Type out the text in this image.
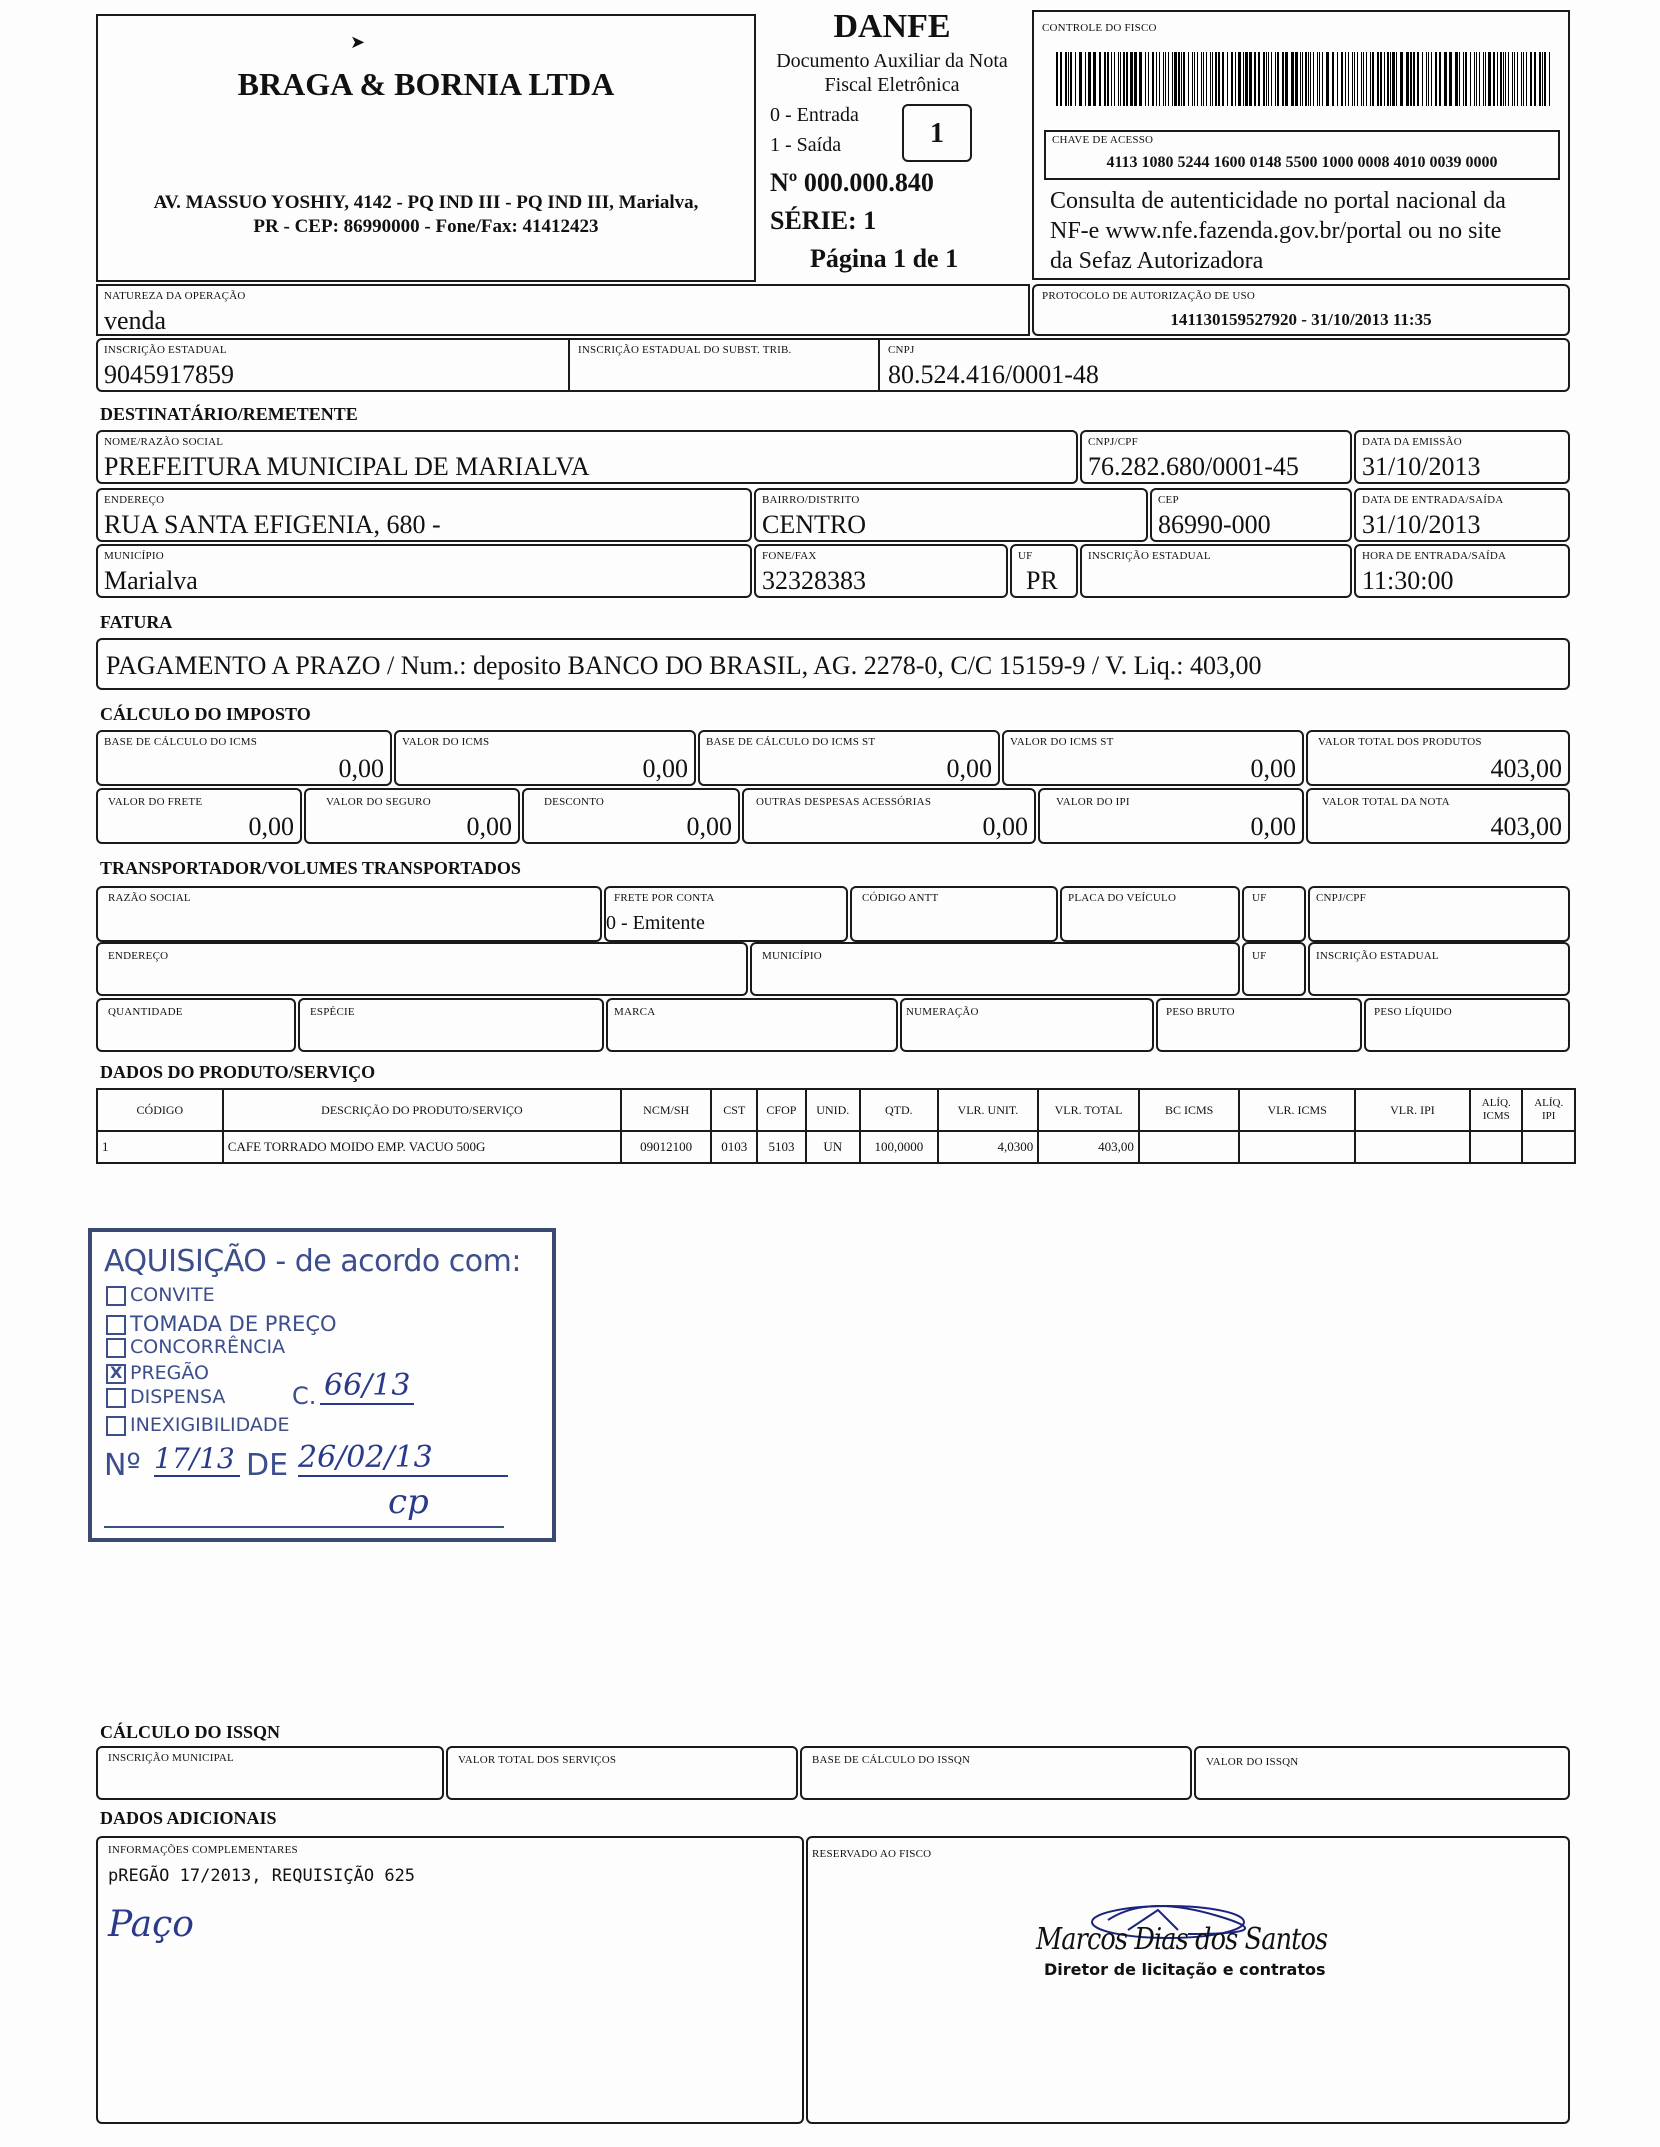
➤
BRAGA & BORNIA LTDA
AV. MASSUO YOSHIY, 4142 - PQ IND III - PQ IND III, Marialva,
PR - CEP: 86990000 - Fone/Fax: 41412423
DANFE
Documento Auxiliar da Nota
Fiscal Eletrônica
0 - Entrada
1 - Saída	1
Nº 000.000.840
SÉRIE: 1
Página 1 de 1
CONTROLE DO FISCO
CHAVE DE ACESSO
4113 1080 5244 1600 0148 5500 1000 0008 4010 0039 0000
Consulta de autenticidade no portal nacional da
NF-e www.nfe.fazenda.gov.br/portal ou no site
da Sefaz Autorizadora
NATUREZA DA OPERAÇÃO
venda
PROTOCOLO DE AUTORIZAÇÃO DE USO
141130159527920 - 31/10/2013 11:35
INSCRIÇÃO ESTADUAL
9045917859
INSCRIÇÃO ESTADUAL DO SUBST. TRIB.	CNPJ
80.524.416/0001-48
DESTINATÁRIO/REMETENTE
NOME/RAZÃO SOCIAL
PREFEITURA MUNICIPAL DE MARIALVA
CNPJ/CPF
76.282.680/0001-45
DATA DA EMISSÃO
31/10/2013
ENDEREÇO
RUA SANTA EFIGENIA, 680 -
BAIRRO/DISTRITO
CENTRO
CEP
86990-000
DATA DE ENTRADA/SAÍDA
31/10/2013
MUNICÍPIO
Marialva
FONE/FAX
32328383
UF
PR
INSCRIÇÃO ESTADUAL	HORA DE ENTRADA/SAÍDA
11:30:00
FATURA
PAGAMENTO A PRAZO / Num.: deposito BANCO DO BRASIL, AG. 2278-0, C/C 15159-9 / V. Liq.: 403,00
CÁLCULO DO IMPOSTO
BASE DE CÁLCULO DO ICMS
0,00
VALOR DO ICMS
0,00
BASE DE CÁLCULO DO ICMS ST
0,00
VALOR DO ICMS ST
0,00
VALOR TOTAL DOS PRODUTOS
403,00
VALOR DO FRETE
0,00
VALOR DO SEGURO
0,00
DESCONTO
0,00
OUTRAS DESPESAS ACESSÓRIAS
0,00
VALOR DO IPI
0,00
VALOR TOTAL DA NOTA
403,00
TRANSPORTADOR/VOLUMES TRANSPORTADOS
RAZÃO SOCIAL	FRETE POR CONTA
0 - Emitente
CÓDIGO ANTT	PLACA DO VEÍCULO	UF	CNPJ/CPF
ENDEREÇO	MUNICÍPIO	UF	INSCRIÇÃO ESTADUAL
QUANTIDADE	ESPÉCIE	MARCA	NUMERAÇÃO	PESO BRUTO	PESO LÍQUIDO
DADOS DO PRODUTO/SERVIÇO
CÓDIGO	DESCRIÇÃO DO PRODUTO/SERVIÇO	NCM/SH	CST	CFOP	UNID.	QTD.	VLR. UNIT.	VLR. TOTAL	BC ICMS	VLR. ICMS	VLR. IPI	ALÍQ. ICMS	ALÍQ. IPI
1	CAFE TORRADO MOIDO EMP. VACUO 500G	09012100	0103	5103	UN	100,0000	4,0300	403,00					
AQUISIÇÃO - de acordo com:
CONVITE
TOMADA DE PREÇO
CONCORRÊNCIA
X PREGÃO
DISPENSA	C. 66/13
INEXIGIBILIDADE
Nº 17/13 DE 26/02/13
cp
CÁLCULO DO ISSQN
INSCRIÇÃO MUNICIPAL	VALOR TOTAL DOS SERVIÇOS	BASE DE CÁLCULO DO ISSQN	VALOR DO ISSQN
DADOS ADICIONAIS
INFORMAÇÕES COMPLEMENTARES
pREGÃO 17/2013, REQUISIÇÃO 625
Paço
RESERVADO AO FISCO
Marcos Dias dos Santos
Diretor de licitação e contratos
